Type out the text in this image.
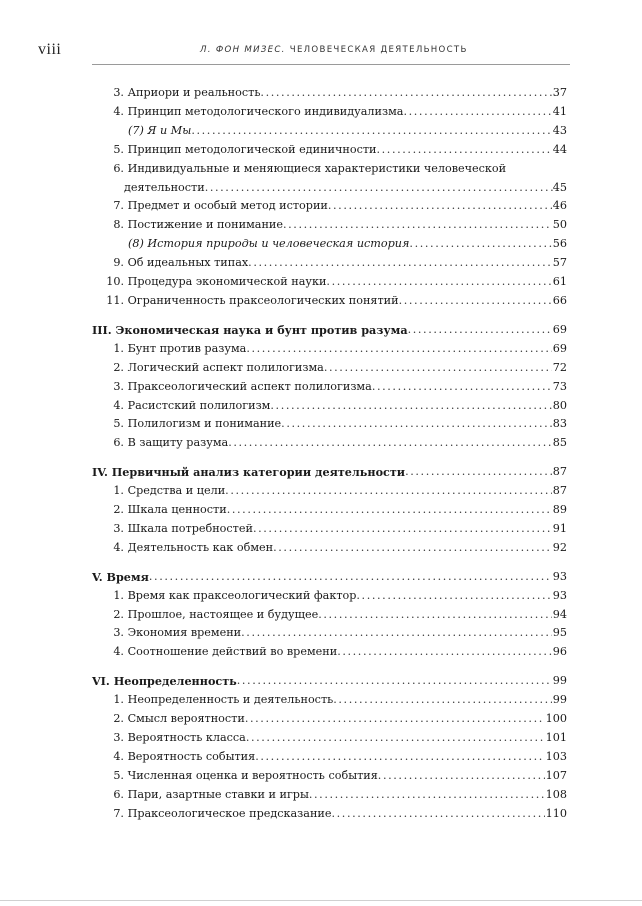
viii	Л. ФОН МИЗЕС. ЧЕЛОВЕЧЕСКАЯ ДЕЯТЕЛЬНОСТЬ
3. Априори и реальность .....	37
4. Принцип методологического индивидуализма .....	41
(7) Я и Мы .....	43
5. Принцип методологической единичности .....	44
6. Индивидуальные и меняющиеся характеристики человеческой
деятельности .....	45
7. Предмет и особый метод истории .....	46
8. Постижение и понимание .....	50
(8) История природы и человеческая история .....	56
9. Об идеальных типах .....	57
10. Процедура экономической науки .....	61
11. Ограниченность праксеологических понятий .....	66
III. Экономическая наука и бунт против разума .....	69
1. Бунт против разума .....	69
2. Логический аспект полилогизма .....	72
3. Праксеологический аспект полилогизма .....	73
4. Расистский полилогизм .....	80
5. Полилогизм и понимание .....	83
6. В защиту разума .....	85
IV. Первичный анализ категории деятельности .....	87
1. Средства и цели .....	87
2. Шкала ценности .....	89
3. Шкала потребностей .....	91
4. Деятельность как обмен .....	92
V. Время .....	93
1. Время как праксеологический фактор .....	93
2. Прошлое, настоящее и будущее .....	94
3. Экономия времени .....	95
4. Соотношение действий во времени .....	96
VI. Неопределенность .....	99
1. Неопределенность и деятельность .....	99
2. Смысл вероятности .....	100
3. Вероятность класса .....	101
4. Вероятность события .....	103
5. Численная оценка и вероятность события .....	107
6. Пари, азартные ставки и игры .....	108
7. Праксеологическое предсказание .....	110
